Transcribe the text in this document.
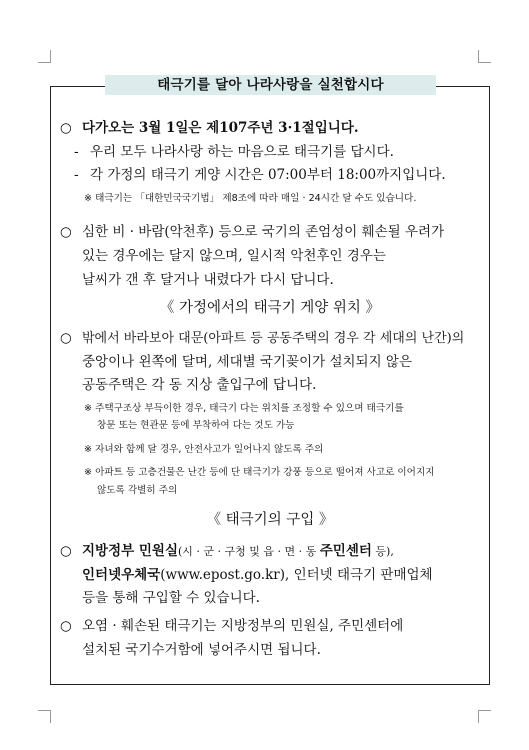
태극기를 달아 나라사랑을 실천합시다
○ 다가오는 3월 1일은 제107주년 3·1절입니다.
- 우리 모두 나라사랑 하는 마음으로 태극기를 답시다.
- 각 가정의 태극기 게양 시간은 07:00부터 18:00까지입니다.
※ 태극기는 「대한민국국기법」 제8조에 따라 매일 · 24시간 달 수도 있습니다.
○ 심한 비 · 바람(악천후) 등으로 국기의 존엄성이 훼손될 우려가
있는 경우에는 달지 않으며, 일시적 악천후인 경우는
날씨가 갠 후 달거나 내렸다가 다시 답니다.
《 가정에서의 태극기 게양 위치 》
○ 밖에서 바라보아 대문(아파트 등 공동주택의 경우 각 세대의 난간)의
중앙이나 왼쪽에 달며, 세대별 국기꽂이가 설치되지 않은
공동주택은 각 동 지상 출입구에 답니다.
※ 주택구조상 부득이한 경우, 태극기 다는 위치를 조정할 수 있으며 태극기를
창문 또는 현관문 등에 부착하여 다는 것도 가능
※ 자녀와 함께 달 경우, 안전사고가 일어나지 않도록 주의
※ 아파트 등 고층건물은 난간 등에 단 태극기가 강풍 등으로 떨어져 사고로 이어지지
않도록 각별히 주의
《 태극기의 구입 》
○ 지방정부 민원실(시 · 군 · 구청 및 읍 · 면 · 동 주민센터 등),
인터넷우체국(www.epost.go.kr), 인터넷 태극기 판매업체
등을 통해 구입할 수 있습니다.
○ 오염 · 훼손된 태극기는 지방정부의 민원실, 주민센터에
설치된 국기수거함에 넣어주시면 됩니다.
